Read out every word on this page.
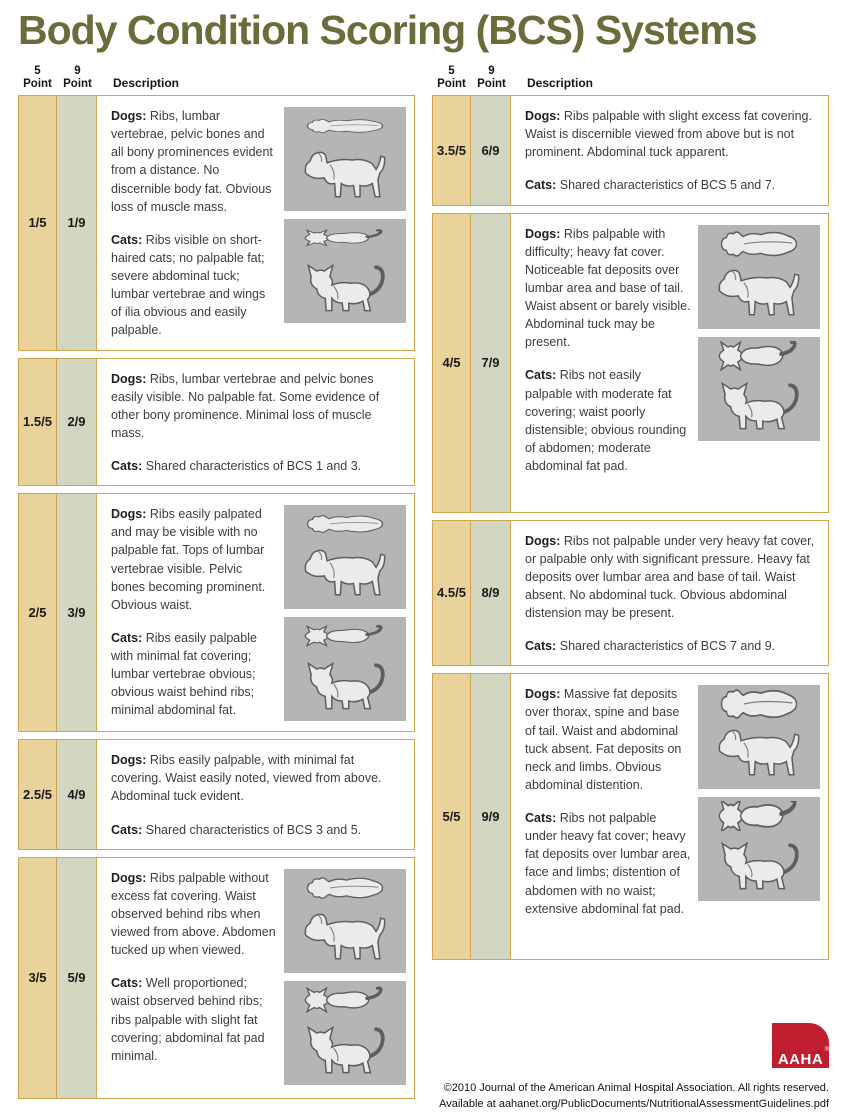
Body Condition Scoring (BCS) Systems
5
Point
9
Point	Description
1/5	1/9

Dogs: Ribs, lumbar vertebrae, pelvic bones and all bony prominences evident from a distance. No discernible body fat. Obvious loss of muscle mass.

Cats: Ribs visible on short-haired cats; no palpable fat; severe abdominal tuck; lumbar vertebrae and wings of ilia obvious and easily palpable.

1.5/5	2/9

Dogs: Ribs, lumbar vertebrae and pelvic bones easily visible. No palpable fat. Some evidence of other bony prominence. Minimal loss of muscle mass.

Cats: Shared characteristics of BCS 1 and 3.

2/5	3/9

Dogs: Ribs easily palpated and may be visible with no palpable fat. Tops of lumbar vertebrae visible. Pelvic bones becoming prominent. Obvious waist.

Cats: Ribs easily palpable with minimal fat covering; lumbar vertebrae obvious; obvious waist behind ribs; minimal abdominal fat.

2.5/5	4/9

Dogs: Ribs easily palpable, with minimal fat covering. Waist easily noted, viewed from above. Abdominal tuck evident.

Cats: Shared characteristics of BCS 3 and 5.

3/5	5/9

Dogs: Ribs palpable without excess fat covering. Waist observed behind ribs when viewed from above. Abdomen tucked up when viewed.

Cats: Well proportioned; waist observed behind ribs; ribs palpable with slight fat covering; abdominal fat pad minimal.

5
Point
9
Point	Description
3.5/5	6/9

Dogs: Ribs palpable with slight excess fat covering. Waist is discernible viewed from above but is not prominent. Abdominal tuck apparent.

Cats: Shared characteristics of BCS 5 and 7.

4/5	7/9

Dogs: Ribs palpable with difficulty; heavy fat cover. Noticeable fat deposits over lumbar area and base of tail. Waist absent or barely visible. Abdominal tuck may be present.

Cats: Ribs not easily palpable with moderate fat covering; waist poorly distensible; obvious rounding of abdomen; moderate abdominal fat pad.

4.5/5	8/9

Dogs: Ribs not palpable under very heavy fat cover, or palpable only with significant pressure. Heavy fat deposits over lumbar area and base of tail. Waist absent. No abdominal tuck. Obvious abdominal distension may be present.

Cats: Shared characteristics of BCS 7 and 9.

5/5	9/9

Dogs: Massive fat deposits over thorax, spine and base of tail. Waist and abdominal tuck absent. Fat deposits on neck and limbs. Obvious abdominal distention.

Cats: Ribs not palpable under heavy fat cover; heavy fat deposits over lumbar area, face and limbs; distention of abdomen with no waist; extensive abdominal fat pad.

AAHA
®
©2010 Journal of the American Animal Hospital Association. All rights reserved.
Available at aahanet.org/PublicDocuments/NutritionalAssessmentGuidelines.pdf
